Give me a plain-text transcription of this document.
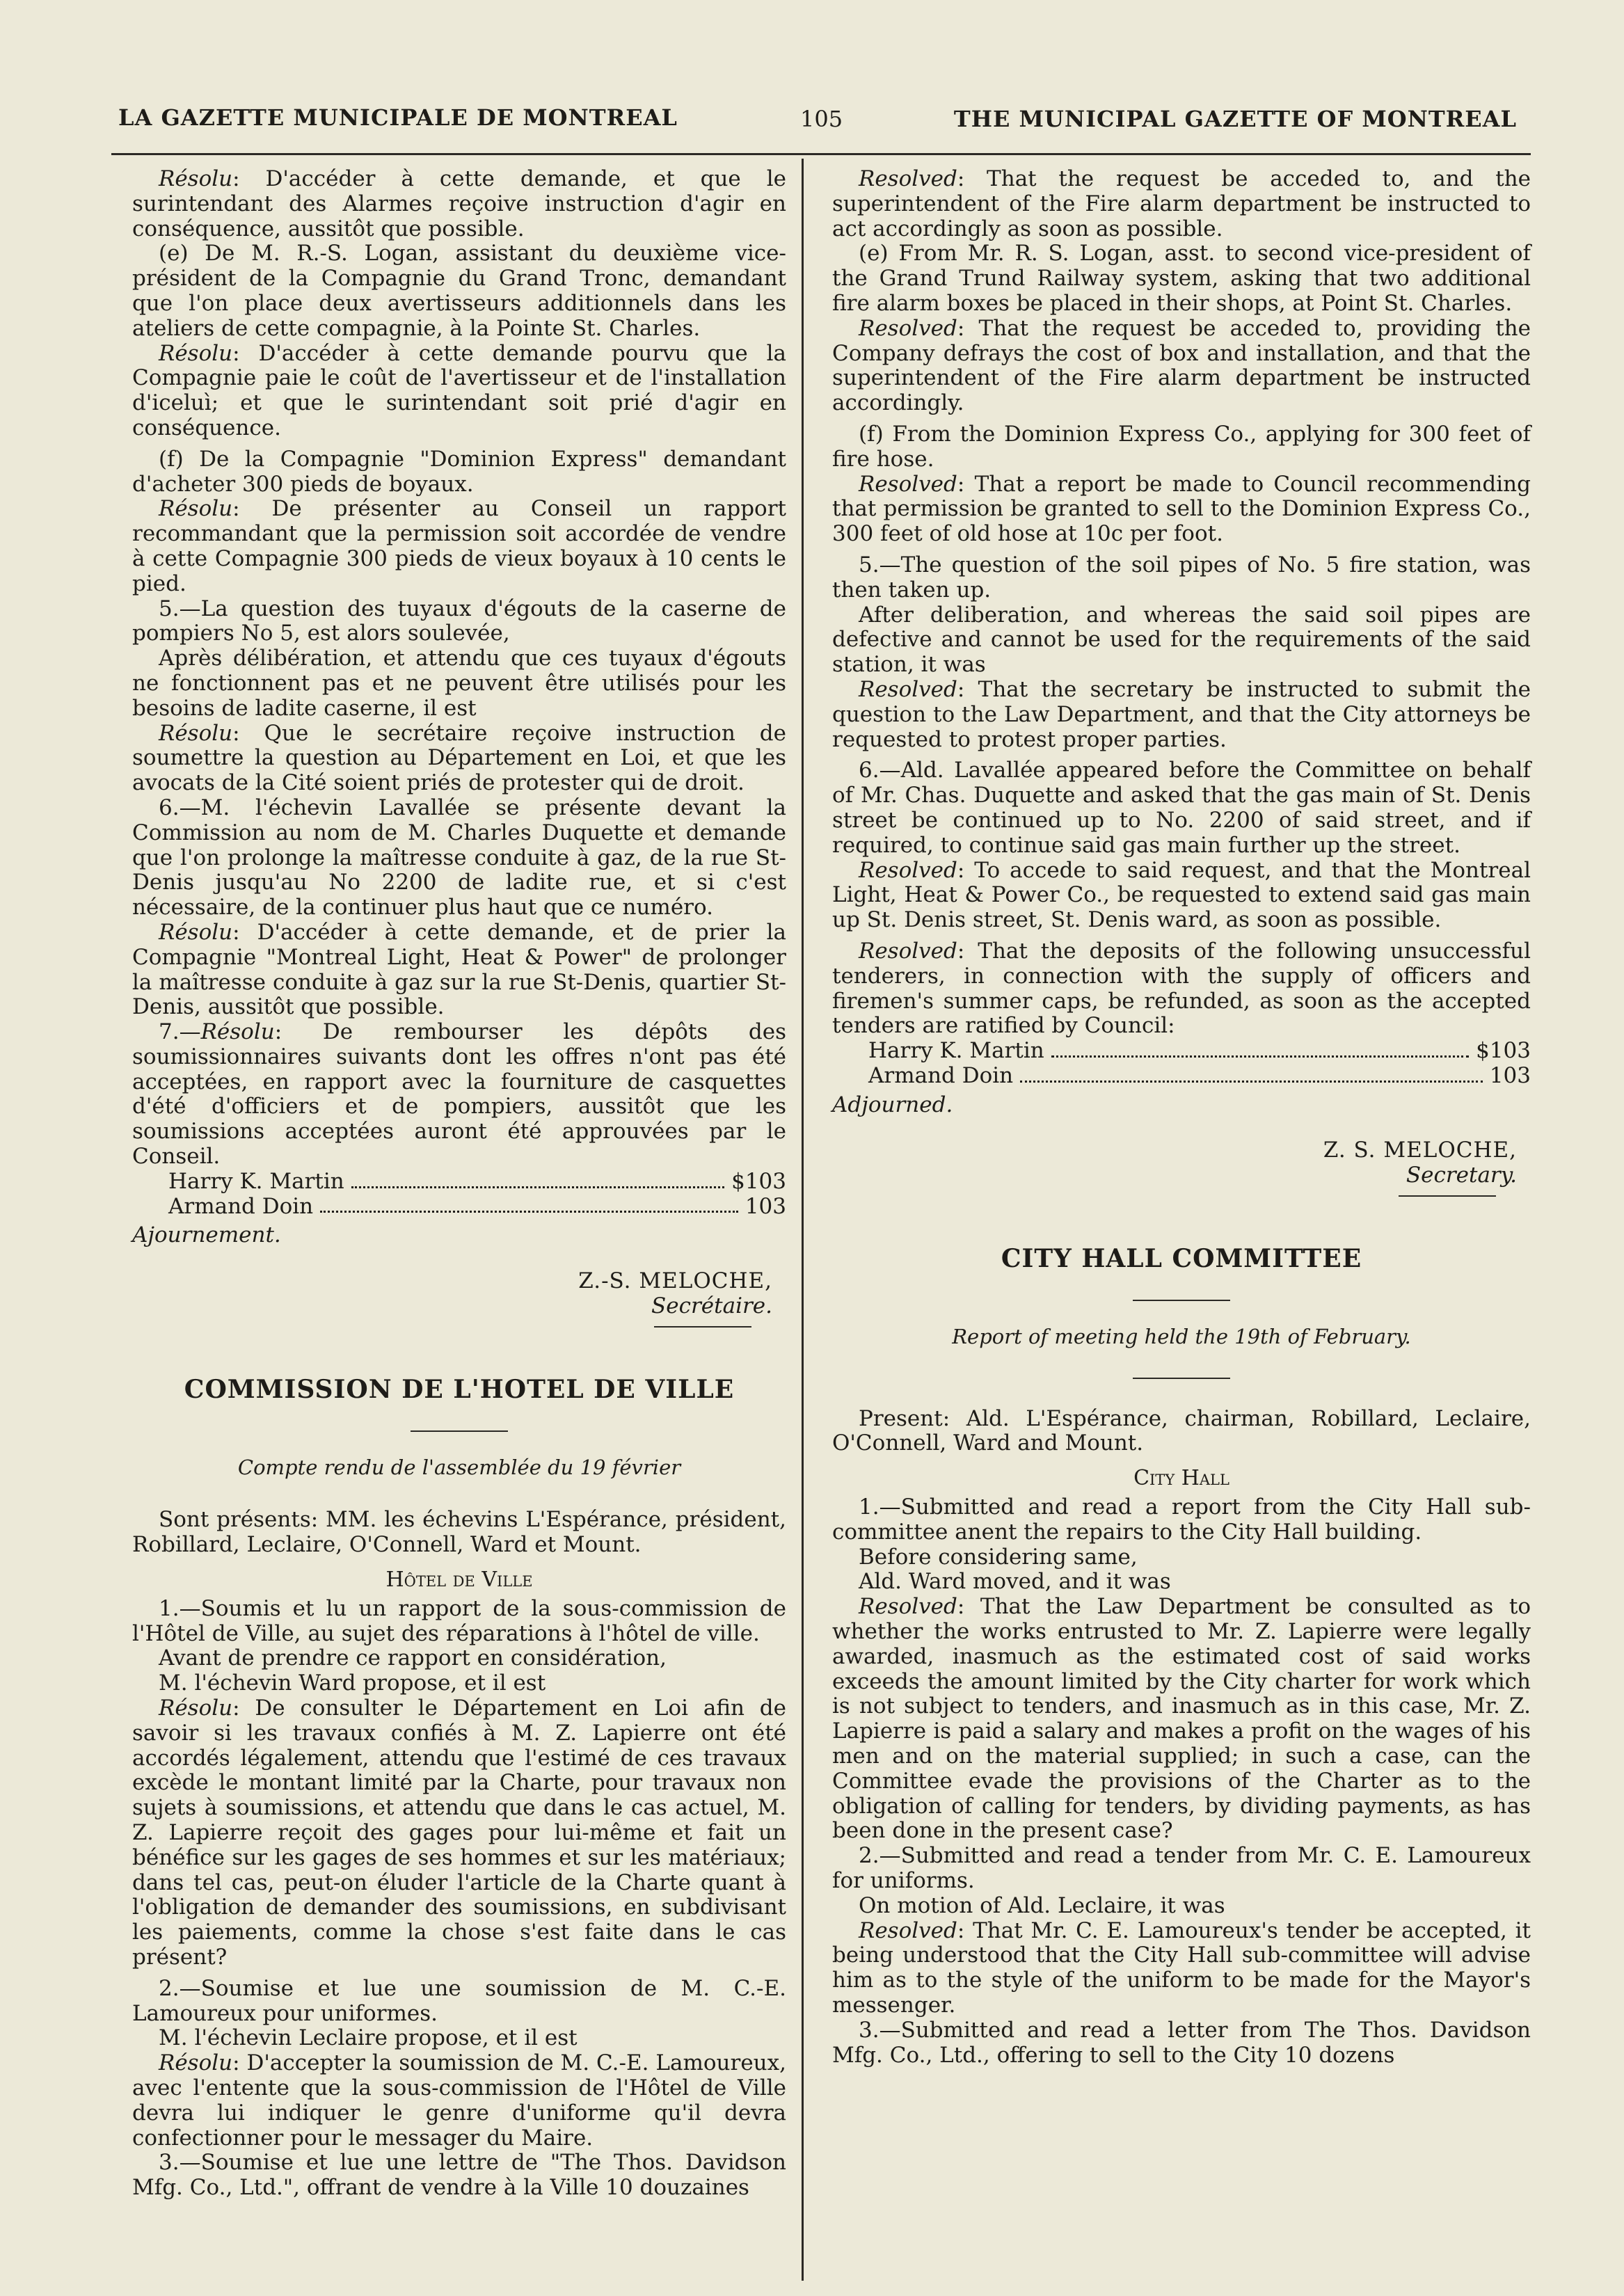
LA GAZETTE MUNICIPALE DE MONTREAL	105	THE MUNICIPAL GAZETTE OF MONTREAL

Résolu: D'accéder à cette demande, et que le surintendant des Alarmes reçoive instruction d'agir en conséquence, aussitôt que possible.

(e) De M. R.-S. Logan, assistant du deuxième vice-président de la Compagnie du Grand Tronc, demandant que l'on place deux avertisseurs additionnels dans les ateliers de cette compagnie, à la Pointe St. Charles.

Résolu: D'accéder à cette demande pourvu que la Compagnie paie le coût de l'avertisseur et de l'installation d'iceluì; et que le surintendant soit prié d'agir en conséquence.

(f) De la Compagnie "Dominion Express" demandant d'acheter 300 pieds de boyaux.

Résolu: De présenter au Conseil un rapport recommandant que la permission soit accordée de vendre à cette Compagnie 300 pieds de vieux boyaux à 10 cents le pied.

5.—La question des tuyaux d'égouts de la caserne de pompiers No 5, est alors soulevée,

Après délibération, et attendu que ces tuyaux d'égouts ne fonctionnent pas et ne peuvent être utilisés pour les besoins de ladite caserne, il est

Résolu: Que le secrétaire reçoive instruction de soumettre la question au Département en Loi, et que les avocats de la Cité soient priés de protester qui de droit.

6.—M. l'échevin Lavallée se présente devant la Commission au nom de M. Charles Duquette et demande que l'on prolonge la maîtresse conduite à gaz, de la rue St-Denis jusqu'au No 2200 de ladite rue, et si c'est nécessaire, de la continuer plus haut que ce numéro.

Résolu: D'accéder à cette demande, et de prier la Compagnie "Montreal Light, Heat & Power" de prolonger la maîtresse conduite à gaz sur la rue St-Denis, quartier St-Denis, aussitôt que possible.

7.—Résolu: De rembourser les dépôts des soumissionnaires suivants dont les offres n'ont pas été acceptées, en rapport avec la fourniture de casquettes d'été d'officiers et de pompiers, aussitôt que les soumissions acceptées auront été approuvées par le Conseil.

Harry K. Martin	$103
Armand Doin	103

Ajournement.

Z.-S. MELOCHE,
Secrétaire.
COMMISSION DE L'HOTEL DE VILLE
Compte rendu de l'assemblée du 19 février

Sont présents: MM. les échevins L'Espérance, président, Robillard, Leclaire, O'Connell, Ward et Mount.

Hôtel de Ville

1.—Soumis et lu un rapport de la sous-commission de l'Hôtel de Ville, au sujet des réparations à l'hôtel de ville.

Avant de prendre ce rapport en considération,

M. l'échevin Ward propose, et il est

Résolu: De consulter le Département en Loi afin de savoir si les travaux confiés à M. Z. Lapierre ont été accordés légalement, attendu que l'estimé de ces travaux excède le montant limité par la Charte, pour travaux non sujets à soumissions, et attendu que dans le cas actuel, M. Z. Lapierre reçoit des gages pour lui-même et fait un bénéfice sur les gages de ses hommes et sur les matériaux; dans tel cas, peut-on éluder l'article de la Charte quant à l'obligation de demander des soumissions, en subdivisant les paiements, comme la chose s'est faite dans le cas présent?

2.—Soumise et lue une soumission de M. C.-E. Lamoureux pour uniformes.

M. l'échevin Leclaire propose, et il est

Résolu: D'accepter la soumission de M. C.-E. Lamoureux, avec l'entente que la sous-commission de l'Hôtel de Ville devra lui indiquer le genre d'uniforme qu'il devra confectionner pour le messager du Maire.

3.—Soumise et lue une lettre de "The Thos. Davidson Mfg. Co., Ltd.", offrant de vendre à la Ville 10 douzaines

Resolved: That the request be acceded to, and the superintendent of the Fire alarm department be instructed to act accordingly as soon as possible.

(e) From Mr. R. S. Logan, asst. to second vice-president of the Grand Trund Railway system, asking that two additional fire alarm boxes be placed in their shops, at Point St. Charles.

Resolved: That the request be acceded to, providing the Company defrays the cost of box and installation, and that the superintendent of the Fire alarm department be instructed accordingly.

(f) From the Dominion Express Co., applying for 300 feet of fire hose.

Resolved: That a report be made to Council recommending that permission be granted to sell to the Dominion Express Co., 300 feet of old hose at 10c per foot.

5.—The question of the soil pipes of No. 5 fire station, was then taken up.

After deliberation, and whereas the said soil pipes are defective and cannot be used for the requirements of the said station, it was

Resolved: That the secretary be instructed to submit the question to the Law Department, and that the City attorneys be requested to protest proper parties.

6.—Ald. Lavallée appeared before the Committee on behalf of Mr. Chas. Duquette and asked that the gas main of St. Denis street be continued up to No. 2200 of said street, and if required, to continue said gas main further up the street.

Resolved: To accede to said request, and that the Montreal Light, Heat & Power Co., be requested to extend said gas main up St. Denis street, St. Denis ward, as soon as possible.

Resolved: That the deposits of the following unsuccessful tenderers, in connection with the supply of officers and firemen's summer caps, be refunded, as soon as the accepted tenders are ratified by Council:

Harry K. Martin	$103
Armand Doin	103

Adjourned.

Z. S. MELOCHE,
Secretary.
CITY HALL COMMITTEE
Report of meeting held the 19th of February.

Present: Ald. L'Espérance, chairman, Robillard, Leclaire, O'Connell, Ward and Mount.

City Hall

1.—Submitted and read a report from the City Hall sub-committee anent the repairs to the City Hall building.

Before considering same,

Ald. Ward moved, and it was

Resolved: That the Law Department be consulted as to whether the works entrusted to Mr. Z. Lapierre were legally awarded, inasmuch as the estimated cost of said works exceeds the amount limited by the City charter for work which is not subject to tenders, and inasmuch as in this case, Mr. Z. Lapierre is paid a salary and makes a profit on the wages of his men and on the material supplied; in such a case, can the Committee evade the provisions of the Charter as to the obligation of calling for tenders, by dividing payments, as has been done in the present case?

2.—Submitted and read a tender from Mr. C. E. Lamoureux for uniforms.

On motion of Ald. Leclaire, it was

Resolved: That Mr. C. E. Lamoureux's tender be accepted, it being understood that the City Hall sub-committee will advise him as to the style of the uniform to be made for the Mayor's messenger.

3.—Submitted and read a letter from The Thos. Davidson Mfg. Co., Ltd., offering to sell to the City 10 dozens
